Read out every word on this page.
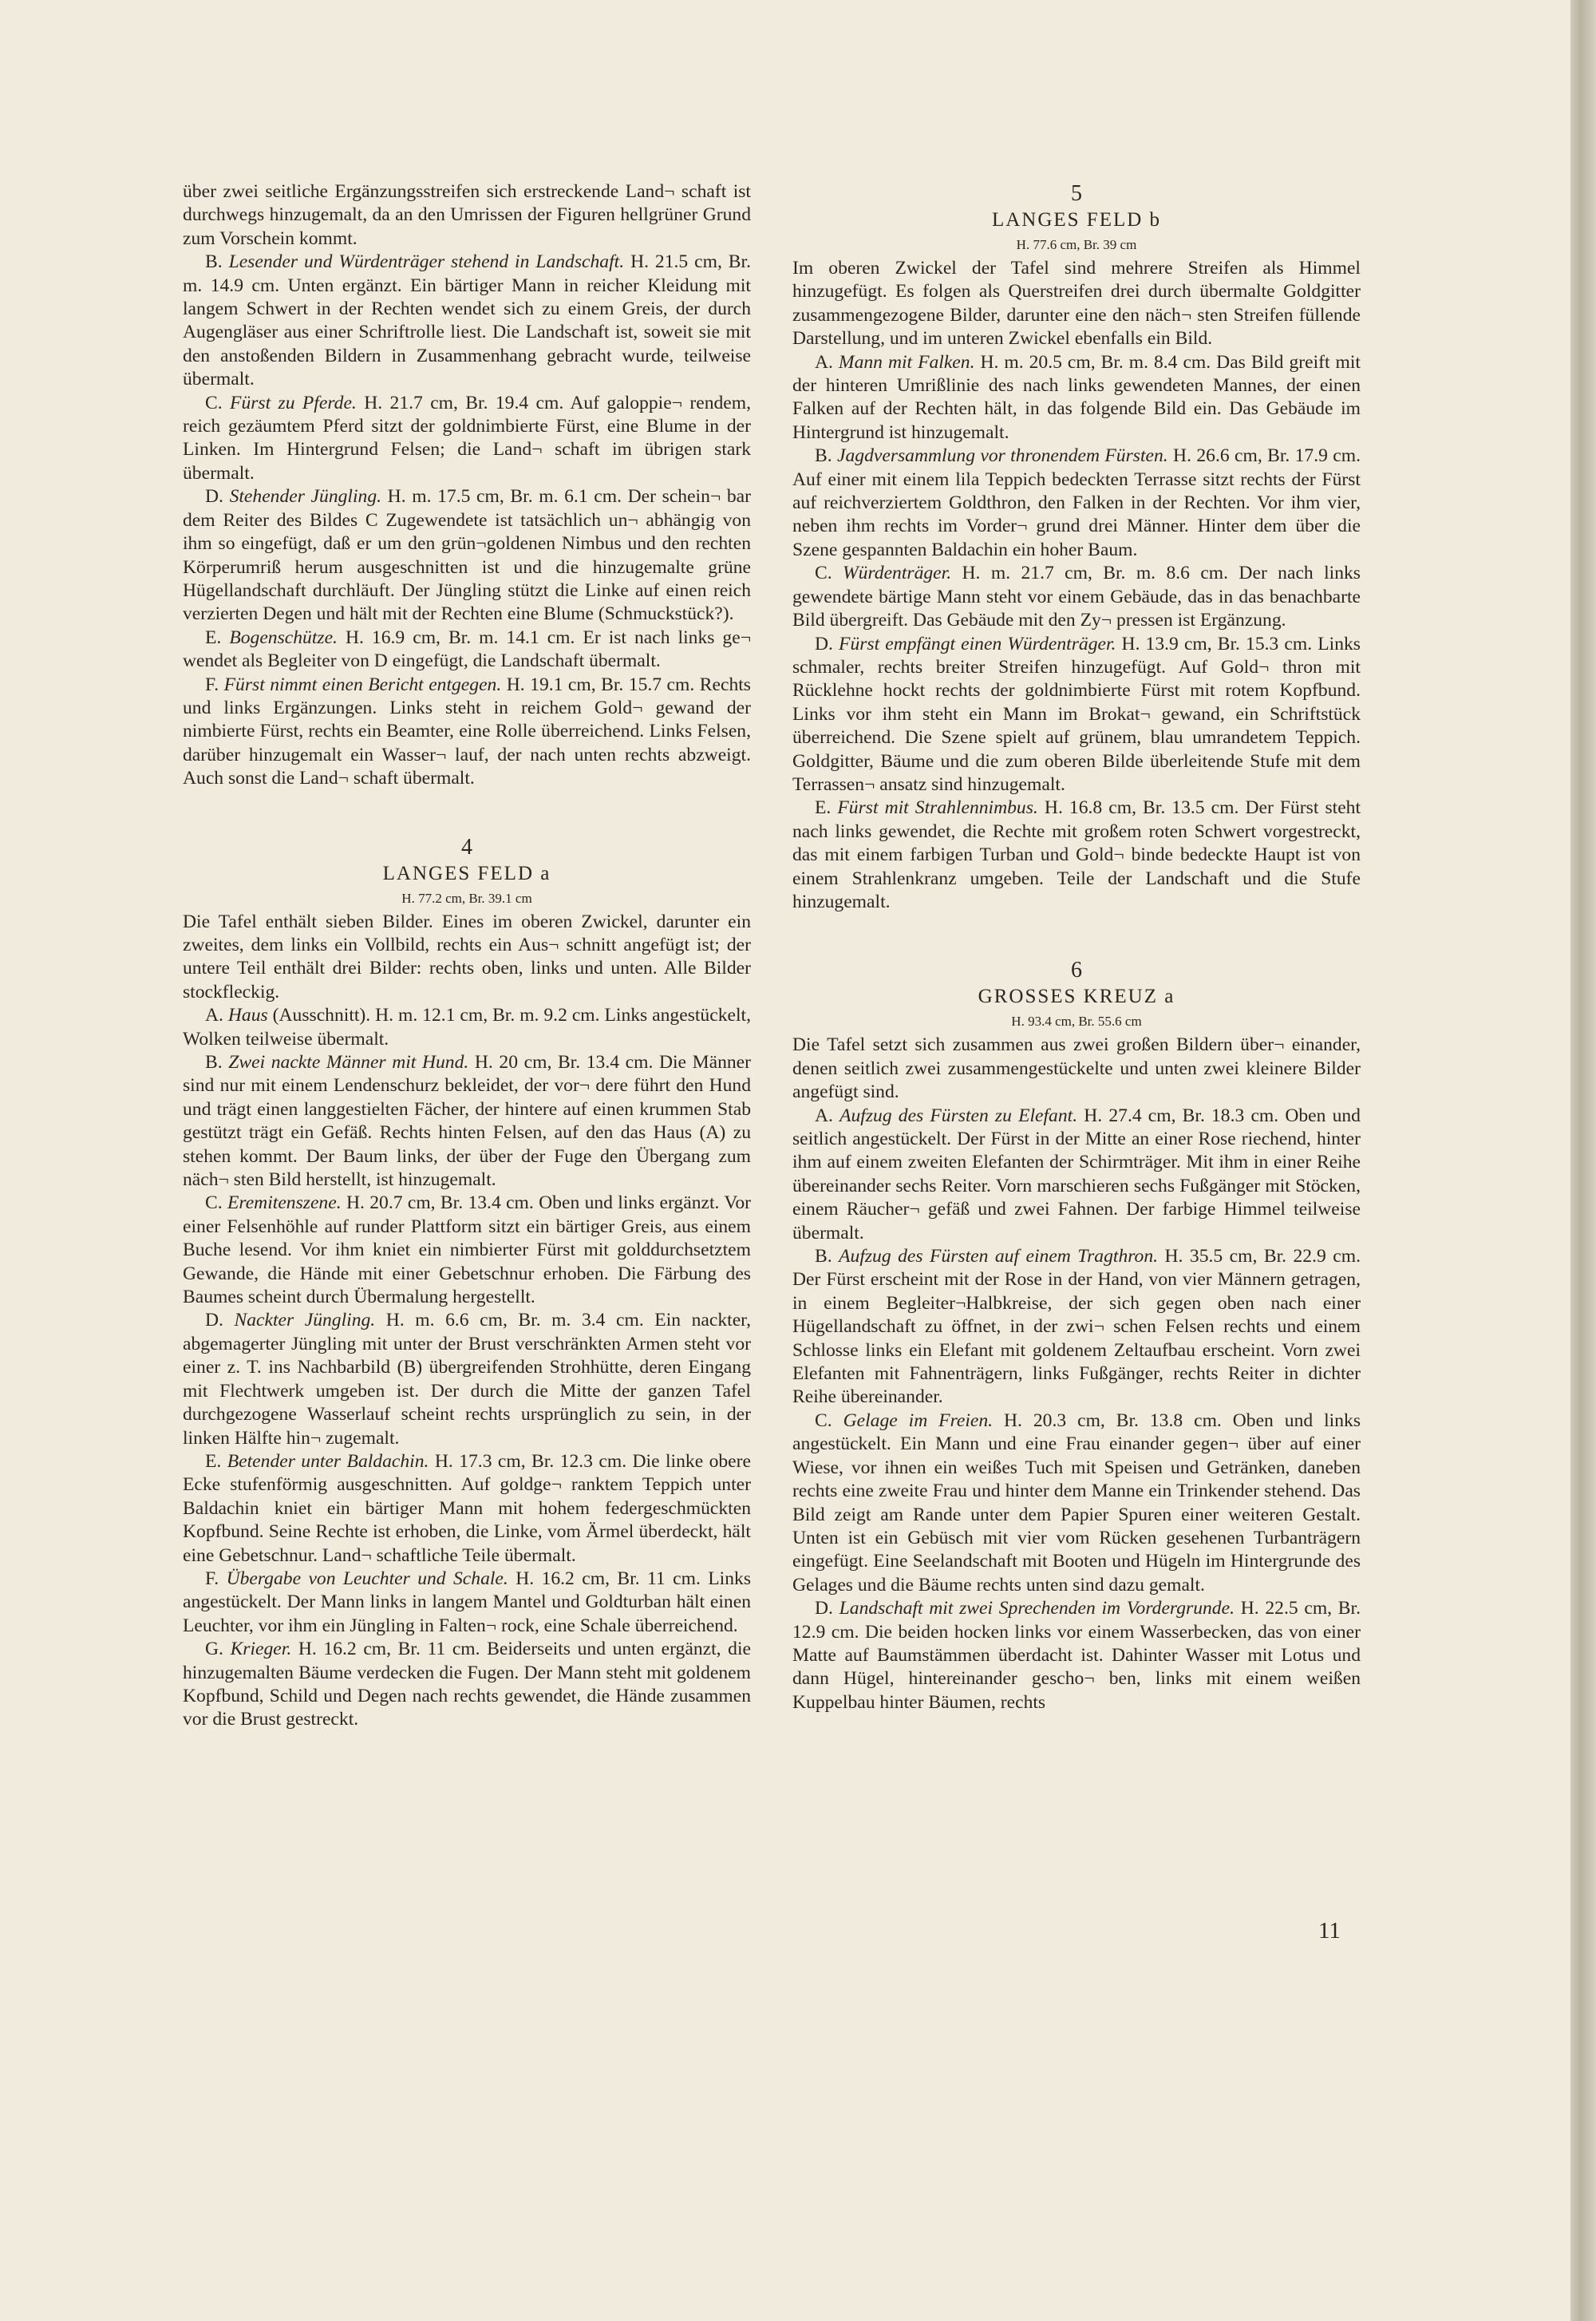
über zwei seitliche Ergänzungsstreifen sich erstreckende Land¬ schaft ist durchwegs hinzugemalt, da an den Umrissen der Figuren hellgrüner Grund zum Vorschein kommt.

B. Lesender und Würdenträger stehend in Landschaft. H. 21.5 cm, Br. m. 14.9 cm. Unten ergänzt. Ein bärtiger Mann in reicher Kleidung mit langem Schwert in der Rechten wendet sich zu einem Greis, der durch Augengläser aus einer Schriftrolle liest. Die Landschaft ist, soweit sie mit den anstoßenden Bildern in Zusammenhang gebracht wurde, teilweise übermalt.

C. Fürst zu Pferde. H. 21.7 cm, Br. 19.4 cm. Auf galoppie¬ rendem, reich gezäumtem Pferd sitzt der goldnimbierte Fürst, eine Blume in der Linken. Im Hintergrund Felsen; die Land¬ schaft im übrigen stark übermalt.

D. Stehender Jüngling. H. m. 17.5 cm, Br. m. 6.1 cm. Der schein¬ bar dem Reiter des Bildes C Zugewendete ist tatsächlich un¬ abhängig von ihm so eingefügt, daß er um den grün¬goldenen Nimbus und den rechten Körperumriß herum ausgeschnitten ist und die hinzugemalte grüne Hügellandschaft durchläuft. Der Jüngling stützt die Linke auf einen reich verzierten Degen und hält mit der Rechten eine Blume (Schmuckstück?).

E. Bogenschütze. H. 16.9 cm, Br. m. 14.1 cm. Er ist nach links ge¬ wendet als Begleiter von D eingefügt, die Landschaft übermalt.

F. Fürst nimmt einen Bericht entgegen. H. 19.1 cm, Br. 15.7 cm. Rechts und links Ergänzungen. Links steht in reichem Gold¬ gewand der nimbierte Fürst, rechts ein Beamter, eine Rolle überreichend. Links Felsen, darüber hinzugemalt ein Wasser¬ lauf, der nach unten rechts abzweigt. Auch sonst die Land¬ schaft übermalt.

4

LANGES FELD a

H. 77.2 cm, Br. 39.1 cm

Die Tafel enthält sieben Bilder. Eines im oberen Zwickel, darunter ein zweites, dem links ein Vollbild, rechts ein Aus¬ schnitt angefügt ist; der untere Teil enthält drei Bilder: rechts oben, links und unten. Alle Bilder stockfleckig.

A. Haus (Ausschnitt). H. m. 12.1 cm, Br. m. 9.2 cm. Links angestückelt, Wolken teilweise übermalt.

B. Zwei nackte Männer mit Hund. H. 20 cm, Br. 13.4 cm. Die Männer sind nur mit einem Lendenschurz bekleidet, der vor¬ dere führt den Hund und trägt einen langgestielten Fächer, der hintere auf einen krummen Stab gestützt trägt ein Gefäß. Rechts hinten Felsen, auf den das Haus (A) zu stehen kommt. Der Baum links, der über der Fuge den Übergang zum näch¬ sten Bild herstellt, ist hinzugemalt.

C. Eremitenszene. H. 20.7 cm, Br. 13.4 cm. Oben und links ergänzt. Vor einer Felsenhöhle auf runder Plattform sitzt ein bärtiger Greis, aus einem Buche lesend. Vor ihm kniet ein nimbierter Fürst mit golddurchsetztem Gewande, die Hände mit einer Gebetschnur erhoben. Die Färbung des Baumes scheint durch Übermalung hergestellt.

D. Nackter Jüngling. H. m. 6.6 cm, Br. m. 3.4 cm. Ein nackter, abgemagerter Jüngling mit unter der Brust verschränkten Armen steht vor einer z. T. ins Nachbarbild (B) übergreifenden Strohhütte, deren Eingang mit Flechtwerk umgeben ist. Der durch die Mitte der ganzen Tafel durchgezogene Wasserlauf scheint rechts ursprünglich zu sein, in der linken Hälfte hin¬ zugemalt.

E. Betender unter Baldachin. H. 17.3 cm, Br. 12.3 cm. Die linke obere Ecke stufenförmig ausgeschnitten. Auf goldge¬ ranktem Teppich unter Baldachin kniet ein bärtiger Mann mit hohem federgeschmückten Kopfbund. Seine Rechte ist erhoben, die Linke, vom Ärmel überdeckt, hält eine Gebetschnur. Land¬ schaftliche Teile übermalt.

F. Übergabe von Leuchter und Schale. H. 16.2 cm, Br. 11 cm. Links angestückelt. Der Mann links in langem Mantel und Goldturban hält einen Leuchter, vor ihm ein Jüngling in Falten¬ rock, eine Schale überreichend.

G. Krieger. H. 16.2 cm, Br. 11 cm. Beiderseits und unten ergänzt, die hinzugemalten Bäume verdecken die Fugen. Der Mann steht mit goldenem Kopfbund, Schild und Degen nach rechts gewendet, die Hände zusammen vor die Brust gestreckt.

5

LANGES FELD b

H. 77.6 cm, Br. 39 cm

Im oberen Zwickel der Tafel sind mehrere Streifen als Himmel hinzugefügt. Es folgen als Querstreifen drei durch übermalte Goldgitter zusammengezogene Bilder, darunter eine den näch¬ sten Streifen füllende Darstellung, und im unteren Zwickel ebenfalls ein Bild.

A. Mann mit Falken. H. m. 20.5 cm, Br. m. 8.4 cm. Das Bild greift mit der hinteren Umrißlinie des nach links gewendeten Mannes, der einen Falken auf der Rechten hält, in das folgende Bild ein. Das Gebäude im Hintergrund ist hinzugemalt.

B. Jagdversammlung vor thronendem Fürsten. H. 26.6 cm, Br. 17.9 cm. Auf einer mit einem lila Teppich bedeckten Terrasse sitzt rechts der Fürst auf reichverziertem Goldthron, den Falken in der Rechten. Vor ihm vier, neben ihm rechts im Vorder¬ grund drei Männer. Hinter dem über die Szene gespannten Baldachin ein hoher Baum.

C. Würdenträger. H. m. 21.7 cm, Br. m. 8.6 cm. Der nach links gewendete bärtige Mann steht vor einem Gebäude, das in das benachbarte Bild übergreift. Das Gebäude mit den Zy¬ pressen ist Ergänzung.

D. Fürst empfängt einen Würdenträger. H. 13.9 cm, Br. 15.3 cm. Links schmaler, rechts breiter Streifen hinzugefügt. Auf Gold¬ thron mit Rücklehne hockt rechts der goldnimbierte Fürst mit rotem Kopfbund. Links vor ihm steht ein Mann im Brokat¬ gewand, ein Schriftstück überreichend. Die Szene spielt auf grünem, blau umrandetem Teppich. Goldgitter, Bäume und die zum oberen Bilde überleitende Stufe mit dem Terrassen¬ ansatz sind hinzugemalt.

E. Fürst mit Strahlennimbus. H. 16.8 cm, Br. 13.5 cm. Der Fürst steht nach links gewendet, die Rechte mit großem roten Schwert vorgestreckt, das mit einem farbigen Turban und Gold¬ binde bedeckte Haupt ist von einem Strahlenkranz umgeben. Teile der Landschaft und die Stufe hinzugemalt.

6

GROSSES KREUZ a

H. 93.4 cm, Br. 55.6 cm

Die Tafel setzt sich zusammen aus zwei großen Bildern über¬ einander, denen seitlich zwei zusammengestückelte und unten zwei kleinere Bilder angefügt sind.

A. Aufzug des Fürsten zu Elefant. H. 27.4 cm, Br. 18.3 cm. Oben und seitlich angestückelt. Der Fürst in der Mitte an einer Rose riechend, hinter ihm auf einem zweiten Elefanten der Schirmträger. Mit ihm in einer Reihe übereinander sechs Reiter. Vorn marschieren sechs Fußgänger mit Stöcken, einem Räucher¬ gefäß und zwei Fahnen. Der farbige Himmel teilweise übermalt.

B. Aufzug des Fürsten auf einem Tragthron. H. 35.5 cm, Br. 22.9 cm. Der Fürst erscheint mit der Rose in der Hand, von vier Männern getragen, in einem Begleiter¬Halbkreise, der sich gegen oben nach einer Hügellandschaft zu öffnet, in der zwi¬ schen Felsen rechts und einem Schlosse links ein Elefant mit goldenem Zeltaufbau erscheint. Vorn zwei Elefanten mit Fahnenträgern, links Fußgänger, rechts Reiter in dichter Reihe übereinander.

C. Gelage im Freien. H. 20.3 cm, Br. 13.8 cm. Oben und links angestückelt. Ein Mann und eine Frau einander gegen¬ über auf einer Wiese, vor ihnen ein weißes Tuch mit Speisen und Getränken, daneben rechts eine zweite Frau und hinter dem Manne ein Trinkender stehend. Das Bild zeigt am Rande unter dem Papier Spuren einer weiteren Gestalt. Unten ist ein Gebüsch mit vier vom Rücken gesehenen Turbanträgern eingefügt. Eine Seelandschaft mit Booten und Hügeln im Hintergrunde des Gelages und die Bäume rechts unten sind dazu gemalt.

D. Landschaft mit zwei Sprechenden im Vordergrunde. H. 22.5 cm, Br. 12.9 cm. Die beiden hocken links vor einem Wasserbecken, das von einer Matte auf Baumstämmen überdacht ist. Dahinter Wasser mit Lotus und dann Hügel, hintereinander gescho¬ ben, links mit einem weißen Kuppelbau hinter Bäumen, rechts

11
